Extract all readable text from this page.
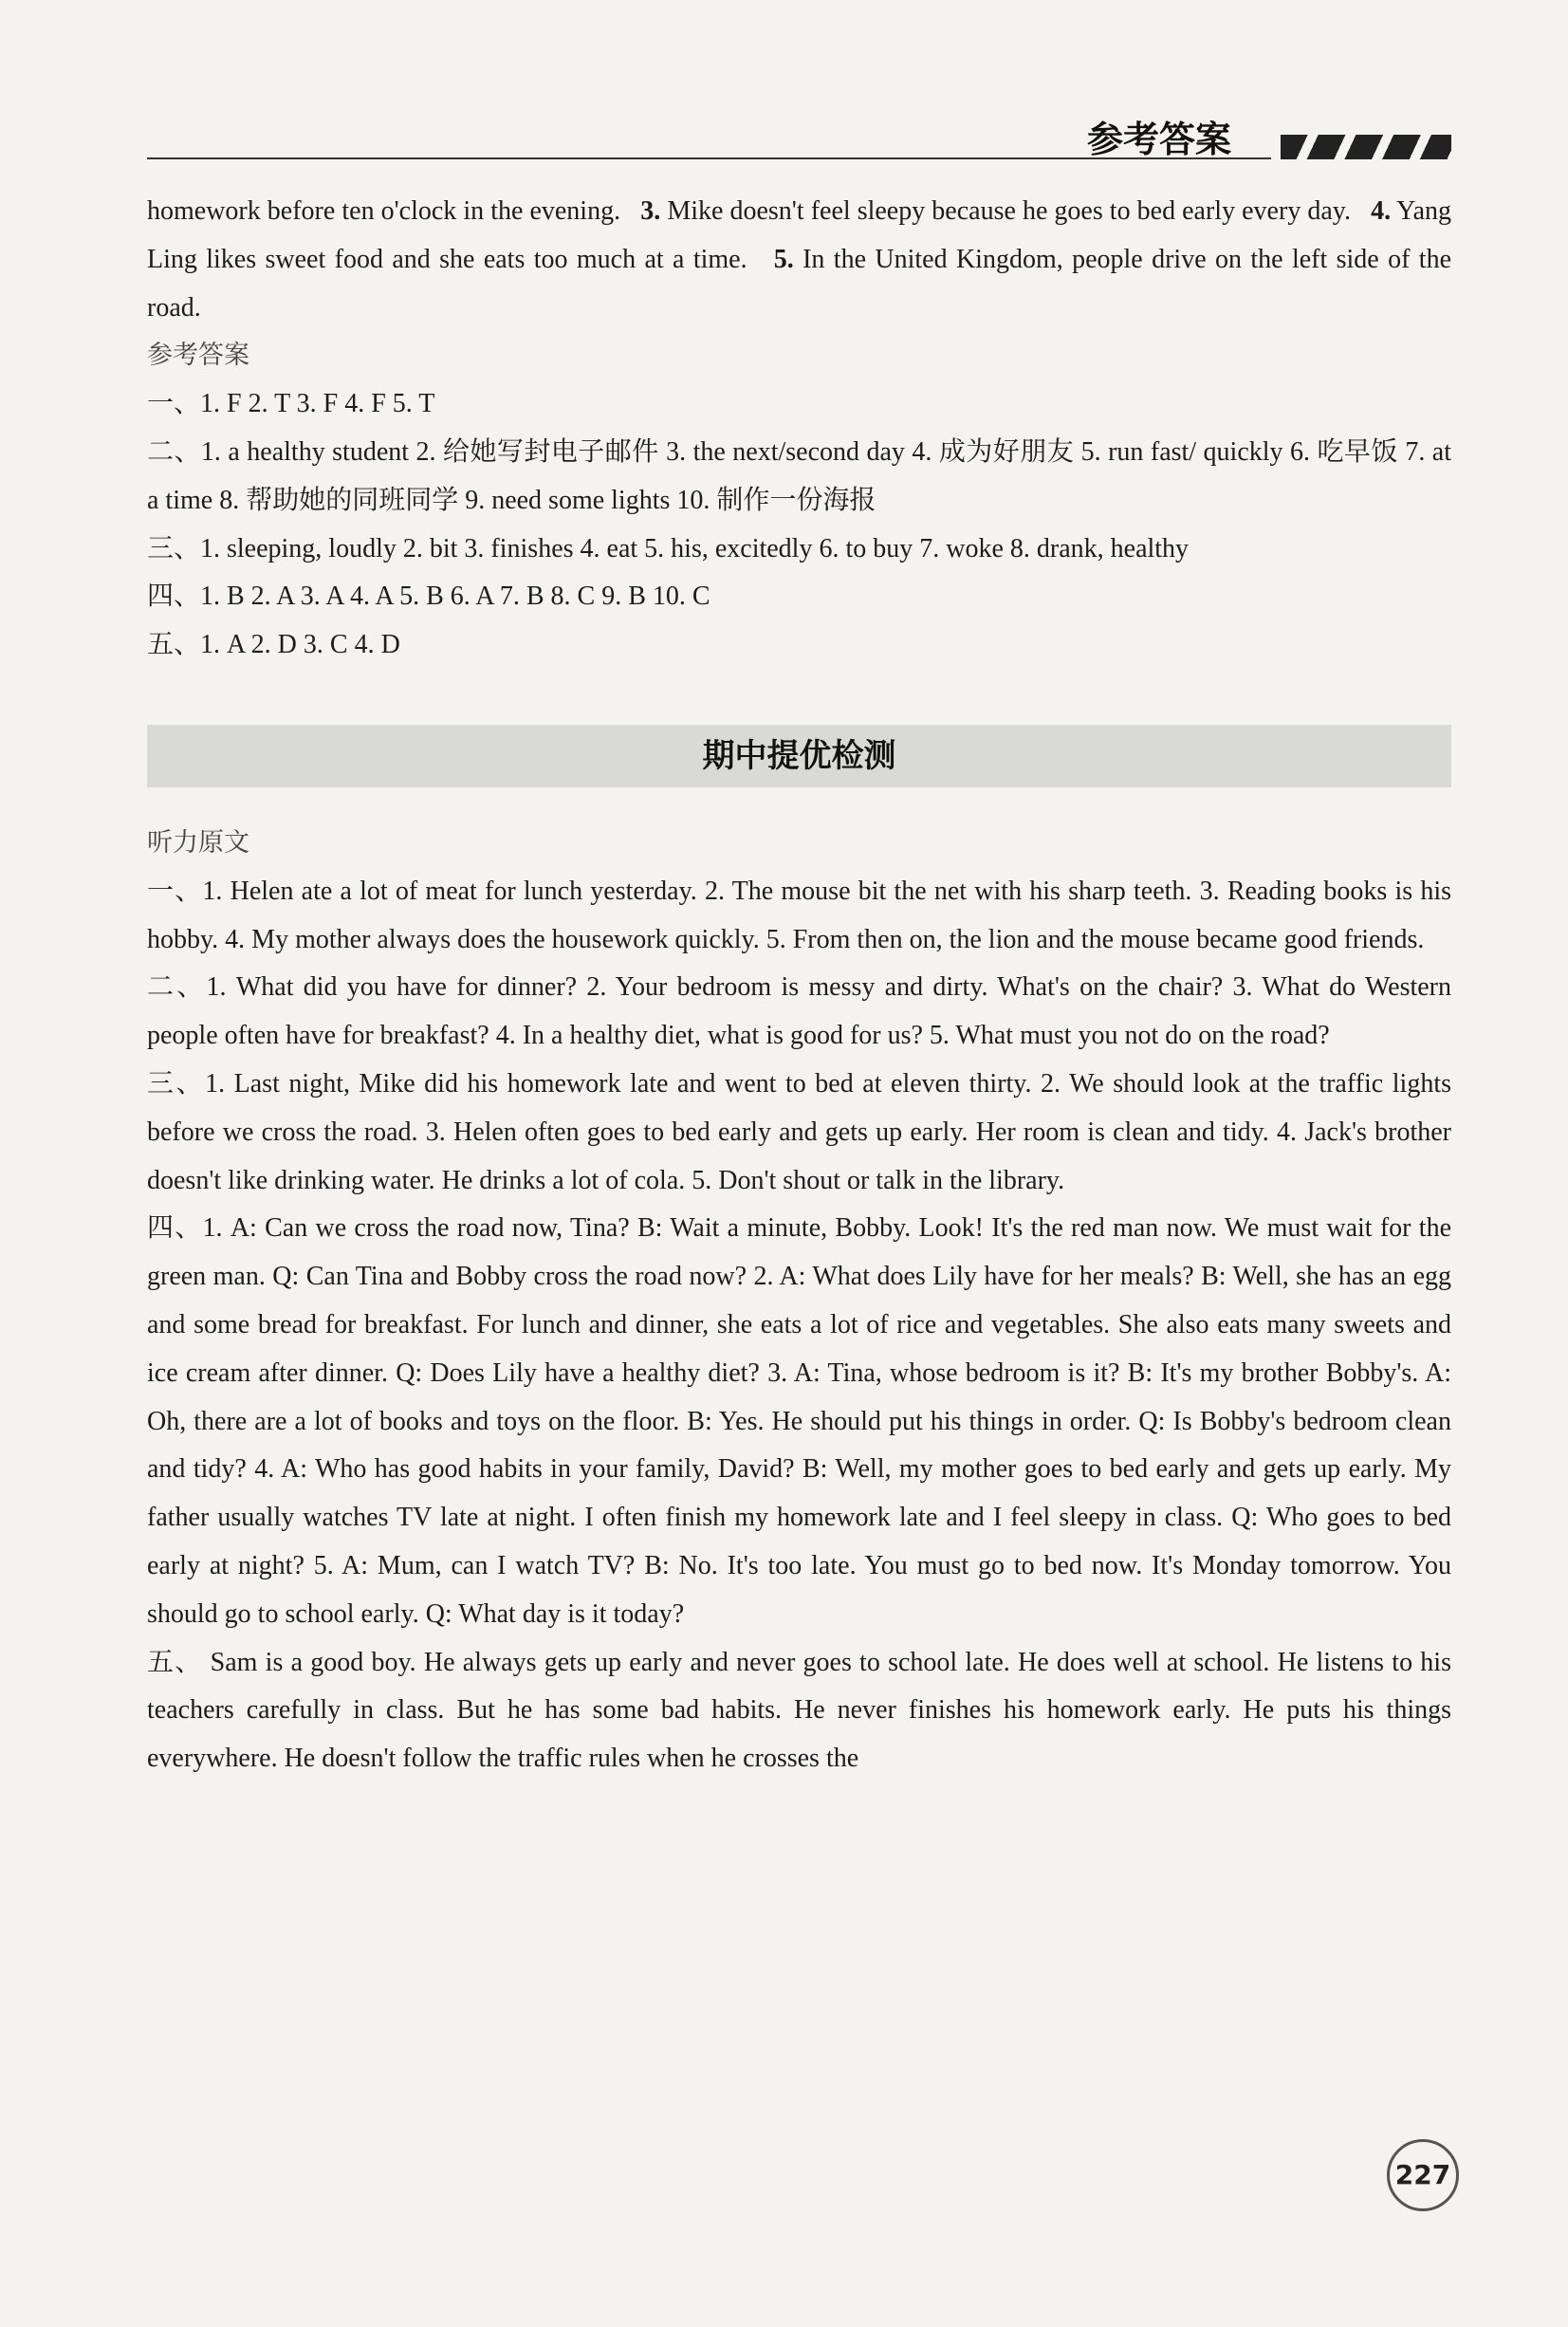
参考答案
homework before ten o'clock in the evening. 3. Mike doesn't feel sleepy because he goes to bed early every day. 4. Yang Ling likes sweet food and she eats too much at a time. 5. In the United Kingdom, people drive on the left side of the road.
参考答案
一、1. F 2. T 3. F 4. F 5. T
二、1. a healthy student 2. 给她写封电子邮件 3. the next/second day 4. 成为好朋友 5. run fast/ quickly 6. 吃早饭 7. at a time 8. 帮助她的同班同学 9. need some lights 10. 制作一份海报
三、1. sleeping, loudly 2. bit 3. finishes 4. eat 5. his, excitedly 6. to buy 7. woke 8. drank, healthy
四、1. B 2. A 3. A 4. A 5. B 6. A 7. B 8. C 9. B 10. C
五、1. A 2. D 3. C 4. D
期中提优检测
听力原文
一、1. Helen ate a lot of meat for lunch yesterday. 2. The mouse bit the net with his sharp teeth. 3. Reading books is his hobby. 4. My mother always does the housework quickly. 5. From then on, the lion and the mouse became good friends.
二、1. What did you have for dinner? 2. Your bedroom is messy and dirty. What's on the chair? 3. What do Western people often have for breakfast? 4. In a healthy diet, what is good for us? 5. What must you not do on the road?
三、1. Last night, Mike did his homework late and went to bed at eleven thirty. 2. We should look at the traffic lights before we cross the road. 3. Helen often goes to bed early and gets up early. Her room is clean and tidy. 4. Jack's brother doesn't like drinking water. He drinks a lot of cola. 5. Don't shout or talk in the library.
四、1. A: Can we cross the road now, Tina? B: Wait a minute, Bobby. Look! It's the red man now. We must wait for the green man. Q: Can Tina and Bobby cross the road now? 2. A: What does Lily have for her meals? B: Well, she has an egg and some bread for breakfast. For lunch and dinner, she eats a lot of rice and vegetables. She also eats many sweets and ice cream after dinner. Q: Does Lily have a healthy diet? 3. A: Tina, whose bedroom is it? B: It's my brother Bobby's. A: Oh, there are a lot of books and toys on the floor. B: Yes. He should put his things in order. Q: Is Bobby's bedroom clean and tidy? 4. A: Who has good habits in your family, David? B: Well, my mother goes to bed early and gets up early. My father usually watches TV late at night. I often finish my homework late and I feel sleepy in class. Q: Who goes to bed early at night? 5. A: Mum, can I watch TV? B: No. It's too late. You must go to bed now. It's Monday tomorrow. You should go to school early. Q: What day is it today?
五、 Sam is a good boy. He always gets up early and never goes to school late. He does well at school. He listens to his teachers carefully in class. But he has some bad habits. He never finishes his homework early. He puts his things everywhere. He doesn't follow the traffic rules when he crosses the
227
